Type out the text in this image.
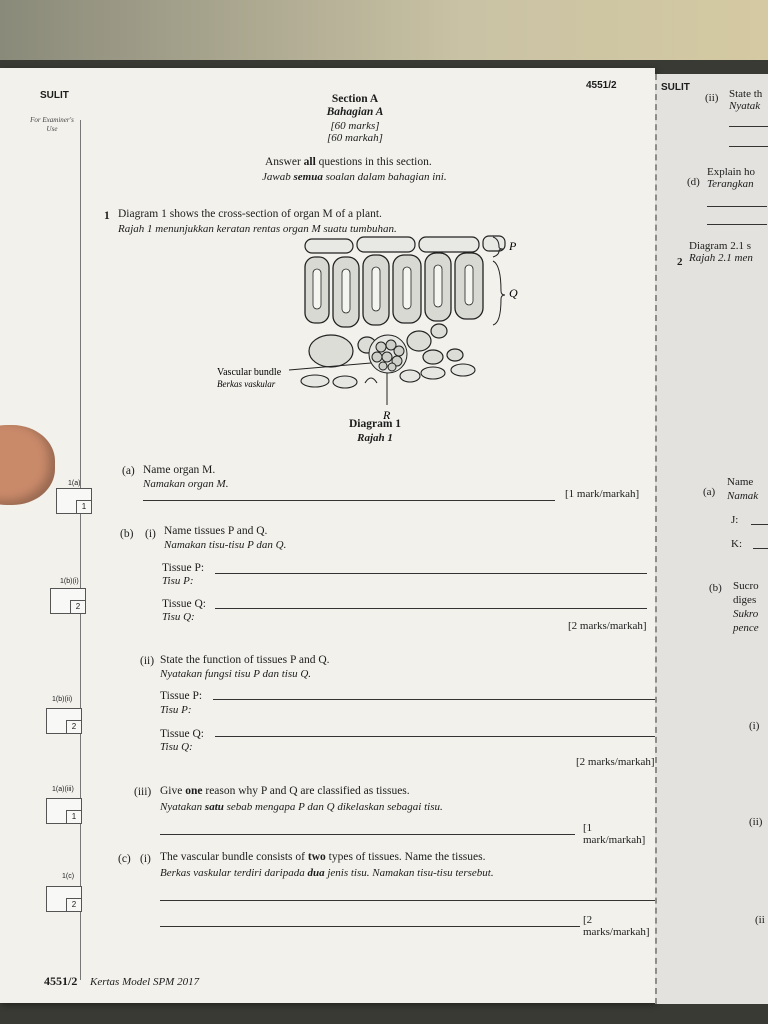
SULIT
4551/2
For Examiner's Use
Section A
Bahagian A
[60 marks]
[60 markah]
Answer all questions in this section.
Jawab semua soalan dalam bahagian ini.
1 Diagram 1 shows the cross-section of organ M of a plant.
Rajah 1 menunjukkan keratan rentas organ M suatu tumbuhan.
P
Q
Vascular bundle
Berkas vaskular
R
Diagram 1
Rajah 1
(a) Name organ M.
Namakan organ M.
[1 mark/markah]
1(a)
1
(b) (i) Name tissues P and Q.
Namakan tisu-tisu P dan Q.
Tissue P:
Tisu P:
Tissue Q:
Tisu Q:
[2 marks/markah]
1(b)(i)
2
(ii) State the function of tissues P and Q.
Nyatakan fungsi tisu P dan tisu Q.
Tissue P:
Tisu P:
Tissue Q:
Tisu Q:
[2 marks/markah]
1(b)(ii)
2
(iii) Give one reason why P and Q are classified as tissues.
Nyatakan satu sebab mengapa P dan Q dikelaskan sebagai tisu.
[1 mark/markah]
1(a)(iii)
1
(c) (i) The vascular bundle consists of two types of tissues. Name the tissues.
Berkas vaskular terdiri daripada dua jenis tisu. Namakan tisu-tisu tersebut.
[2 marks/markah]
1(c)
2
4551/2 Kertas Model SPM 2017
SULIT
(ii) State th
Nyatak
(d)
Explain ho
Terangkan
2
Diagram 2.1 s
Rajah 2.1 men
(a)
Name
Namak
J:
K:
(b) Sucro
diges
Sukro
pence
(i)
(ii)
(ii
